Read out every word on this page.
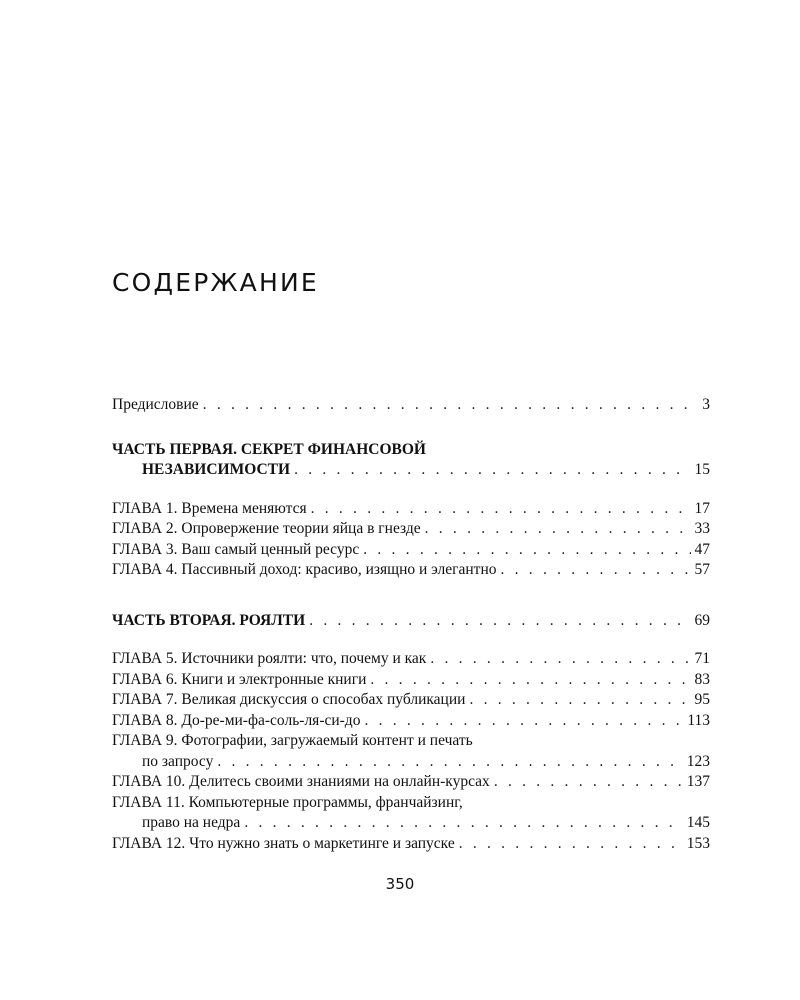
СОДЕРЖАНИЕ
Предисловие . . .	3
ЧАСТЬ ПЕРВАЯ. СЕКРЕТ ФИНАНСОВОЙ
НЕЗАВИСИМОСТИ . . .	15
ГЛАВА 1. Времена меняются . . .	17
ГЛАВА 2. Опровержение теории яйца в гнезде . . .	33
ГЛАВА 3. Ваш самый ценный ресурс . . .	47
ГЛАВА 4. Пассивный доход: красиво, изящно и элегантно . . .	57
ЧАСТЬ ВТОРАЯ. РОЯЛТИ . . .	69
ГЛАВА 5. Источники роялти: что, почему и как . . .	71
ГЛАВА 6. Книги и электронные книги . . .	83
ГЛАВА 7. Великая дискуссия о способах публикации . . .	95
ГЛАВА 8. До-ре-ми-фа-соль-ля-си-до . . .	113
ГЛАВА 9. Фотографии, загружаемый контент и печать
по запросу . . .	123
ГЛАВА 10. Делитесь своими знаниями на онлайн-курсах . . .	137
ГЛАВА 11. Компьютерные программы, франчайзинг,
право на недра . . .	145
ГЛАВА 12. Что нужно знать о маркетинге и запуске . . .	153
350
